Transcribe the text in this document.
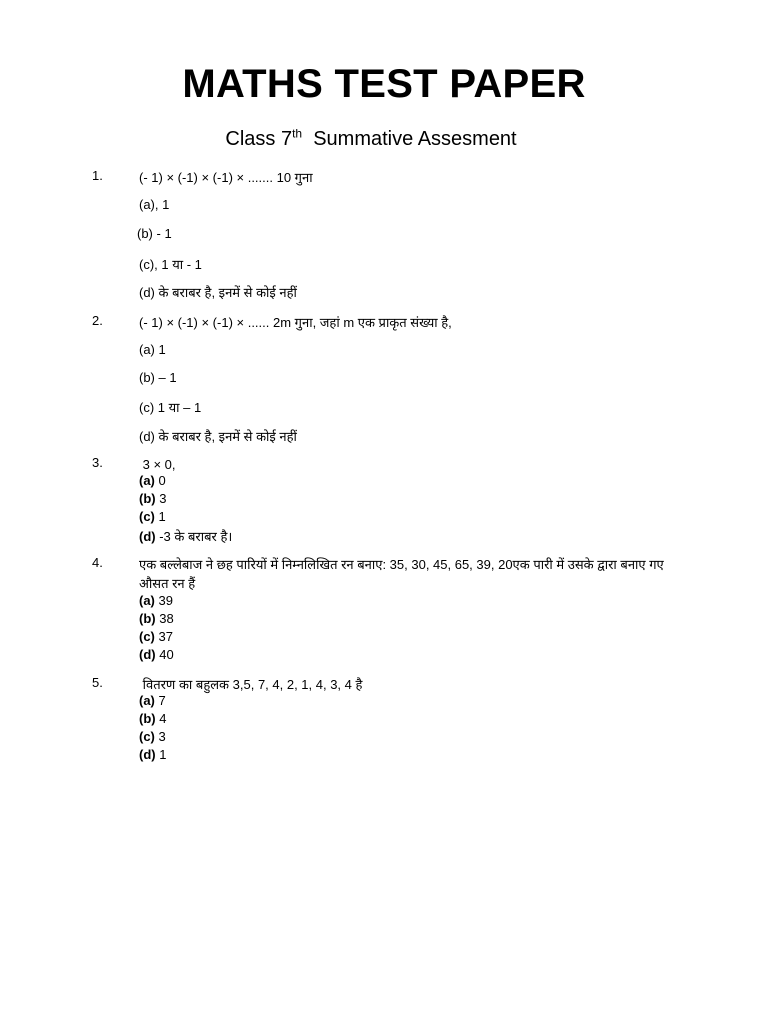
MATHS TEST PAPER
Class 7th  Summative Assesment
1.	(- 1) × (-1) × (-1) × ....... 10 गुना
(a), 1
(b) - 1
(c), 1 या - 1
(d) के बराबर है, इनमें से कोई नहीं
2.	(- 1) × (-1) × (-1) × ...... 2m गुना, जहां m एक प्राकृत संख्या है,
(a) 1
(b) – 1
(c) 1 या – 1
(d) के बराबर है, इनमें से कोई नहीं
3.	3 × 0,
(a) 0
(b) 3
(c) 1
(d) -3 के बराबर है।
4.	एक बल्लेबाज ने छह पारियों में निम्नलिखित रन बनाए: 35, 30, 45, 65, 39, 20एक पारी में उसके द्वारा बनाए गए औसत रन हैं
(a) 39
(b) 38
(c) 37
(d) 40
5.	वितरण का बहुलक 3,5, 7, 4, 2, 1, 4, 3, 4 है
(a) 7
(b) 4
(c) 3
(d) 1
